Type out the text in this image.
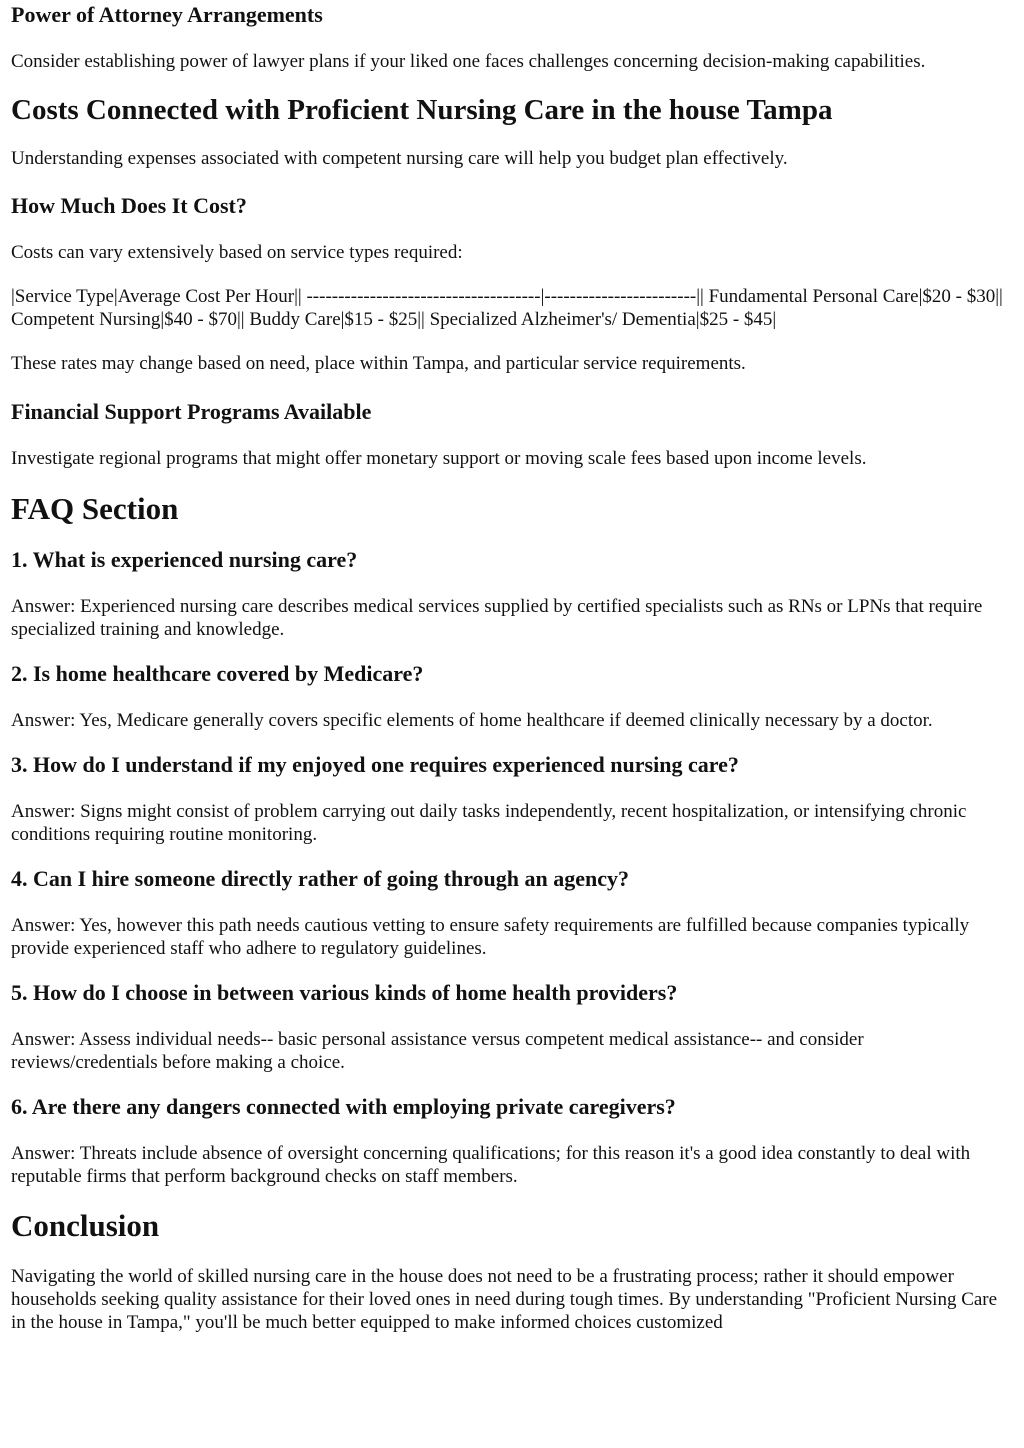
Power of Attorney Arrangements

Consider establishing power of lawyer plans if your liked one faces challenges concerning decision-making capabilities.

Costs Connected with Proficient Nursing Care in the house Tampa

Understanding expenses associated with competent nursing care will help you budget plan effectively.

How Much Does It Cost?

Costs can vary extensively based on service types required:

|Service Type|Average Cost Per Hour|| -------------------------------------|------------------------|| Fundamental Personal Care|$20 - $30|| Competent Nursing|$40 - $70|| Buddy Care|$15 - $25|| Specialized Alzheimer's/ Dementia|$25 - $45|

These rates may change based on need, place within Tampa, and particular service requirements.

Financial Support Programs Available

Investigate regional programs that might offer monetary support or moving scale fees based upon income levels.

FAQ Section
1. What is experienced nursing care?

Answer: Experienced nursing care describes medical services supplied by certified specialists such as RNs or LPNs that require specialized training and knowledge.

2. Is home healthcare covered by Medicare?

Answer: Yes, Medicare generally covers specific elements of home healthcare if deemed clinically necessary by a doctor.

3. How do I understand if my enjoyed one requires experienced nursing care?

Answer: Signs might consist of problem carrying out daily tasks independently, recent hospitalization, or intensifying chronic conditions requiring routine monitoring.

4. Can I hire someone directly rather of going through an agency?

Answer: Yes, however this path needs cautious vetting to ensure safety requirements are fulfilled because companies typically provide experienced staff who adhere to regulatory guidelines.

5. How do I choose in between various kinds of home health providers?

Answer: Assess individual needs-- basic personal assistance versus competent medical assistance-- and consider reviews/credentials before making a choice.

6. Are there any dangers connected with employing private caregivers?

Answer: Threats include absence of oversight concerning qualifications; for this reason it's a good idea constantly to deal with reputable firms that perform background checks on staff members.

Conclusion

Navigating the world of skilled nursing care in the house does not need to be a frustrating process; rather it should empower households seeking quality assistance for their loved ones in need during tough times. By understanding "Proficient Nursing Care in the house in Tampa," you'll be much better equipped to make informed choices customized
